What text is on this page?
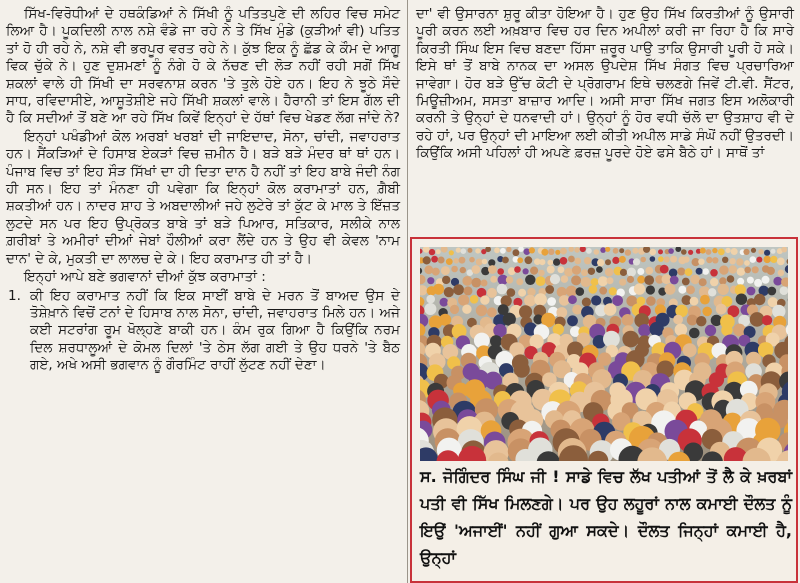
ਸਿੱਖ-ਵਿਰੋਧੀਆਂ ਦੇ ਹਥਕੰਡਿਆਂ ਨੇ ਸਿੱਖੀ ਨੂੰ ਪਤਿਤਪੁਣੇ ਦੀ ਲਹਿਰ ਵਿਚ ਸਮੇਟ ਲਿਆ ਹੈ। ਪੂਕਦਿਲੀ ਨਾਲ ਨਸ਼ੇ ਵੰਡੇ ਜਾ ਰਹੇ ਨੇ ਤੇ ਸਿੱਖ ਮੁੰਡੇ (ਕੁੜੀਆਂ ਵੀ) ਪਤਿਤ ਤਾਂ ਹੋ ਹੀ ਰਹੇ ਨੇ, ਨਸ਼ੇ ਵੀ ਭਰਪੂਰ ਵਰਤ ਰਹੇ ਨੇ। ਕੁੱਝ ਇਕ ਨੂੰ ਛੱਡ ਕੇ ਕੌਮ ਦੇ ਆਗੂ ਵਿਕ ਚੁੱਕੇ ਨੇ। ਹੁਣ ਦੁਸ਼ਮਣਾਂ ਨੂੰ ਨੰਗੇ ਹੋ ਕੇ ਨੱਚਣ ਦੀ ਲੋੜ ਨਹੀਂ ਰਹੀ ਸਗੋਂ ਸਿੱਖ ਸ਼ਕਲਾਂ ਵਾਲੇ ਹੀ ਸਿੱਖੀ ਦਾ ਸਰਵਨਾਸ਼ ਕਰਨ 'ਤੇ ਤੁਲੇ ਹੋਏ ਹਨ। ਇਹ ਨੇ ਝੂਠੇ ਸੌਦੇ ਸਾਧ, ਰਵਿਦਾਸੀਏ, ਆਸ਼ੂਤੋਸ਼ੀਏ ਜਹੇ ਸਿੱਖੀ ਸ਼ਕਲਾਂ ਵਾਲੇ। ਹੈਰਾਨੀ ਤਾਂ ਇਸ ਗੱਲ ਦੀ ਹੈ ਕਿ ਸਦੀਆਂ ਤੋਂ ਬਣੇ ਆ ਰਹੇ ਸਿੱਖ ਕਿਵੇਂ ਇਨ੍ਹਾਂ ਦੇ ਹੱਥਾਂ ਵਿਚ ਖੇਡਣ ਲੱਗ ਜਾਂਦੇ ਨੇ?

ਇਨ੍ਹਾਂ ਪਖੰਡੀਆਂ ਕੋਲ ਅਰਬਾਂ ਖਰਬਾਂ ਦੀ ਜਾਇਦਾਦ, ਸੋਨਾ, ਚਾਂਦੀ, ਜਵਾਹਰਾਤ ਹਨ। ਸੈਂਕੜਿਆਂ ਦੇ ਹਿਸਾਬ ਏਕੜਾਂ ਵਿਚ ਜ਼ਮੀਨ ਹੈ। ਬੜੇ ਬੜੇ ਮੰਦਰ ਥਾਂ ਥਾਂ ਹਨ। ਪੰਜਾਬ ਵਿਚ ਤਾਂ ਇਹ ਸੌੜ ਸਿੱਖਾਂ ਦਾ ਹੀ ਦਿਤਾ ਦਾਨ ਹੈ ਨਹੀਂ ਤਾਂ ਇਹ ਬਾਬੇ ਜੰਦੀ ਨੰਗ ਹੀ ਸਨ। ਇਹ ਤਾਂ ਮੰਨਣਾ ਹੀ ਪਵੇਗਾ ਕਿ ਇਨ੍ਹਾਂ ਕੋਲ ਕਰਾਮਾਤਾਂ ਹਨ, ਗ਼ੈਬੀ ਸ਼ਕਤੀਆਂ ਹਨ। ਨਾਦਰ ਸ਼ਾਹ ਤੇ ਅਬਦਾਲੀਆਂ ਜਹੇ ਲੁਟੇਰੇ ਤਾਂ ਕੁੱਟ ਕੇ ਮਾਲ ਤੇ ਇੱਜ਼ਤ ਲੁਟਦੇ ਸਨ ਪਰ ਇਹ ਉਪ੍ਰੋਕਤ ਬਾਬੇ ਤਾਂ ਬੜੇ ਪਿਆਰ, ਸਤਿਕਾਰ, ਸਲੀਕੇ ਨਾਲ ਗ਼ਰੀਬਾਂ ਤੇ ਅਮੀਰਾਂ ਦੀਆਂ ਜੇਬਾਂ ਹੌਲੀਆਂ ਕਰਾ ਲੈਂਦੇ ਹਨ ਤੇ ਉਹ ਵੀ ਕੇਵਲ 'ਨਾਮ ਦਾਨ' ਦੇ ਕੇ, ਮੁਕਤੀ ਦਾ ਲਾਲਚ ਦੇ ਕੇ। ਇਹ ਕਰਾਮਾਤ ਹੀ ਤਾਂ ਹੈ।

ਇਨ੍ਹਾਂ ਆਪੇ ਬਣੇ ਭਗਵਾਨਾਂ ਦੀਆਂ ਕੁੱਝ ਕਰਾਮਾਤਾਂ :

1. ਕੀ ਇਹ ਕਰਾਮਾਤ ਨਹੀਂ ਕਿ ਇਕ ਸਾਈਂ ਬਾਬੇ ਦੇ ਮਰਨ ਤੋਂ ਬਾਅਦ ਉਸ ਦੇ ਤੋਸ਼ੇਖ਼ਾਨੇ ਵਿਚੋਂ ਟਨਾਂ ਦੇ ਹਿਸਾਬ ਨਾਲ ਸੋਨਾ, ਚਾਂਦੀ, ਜਵਾਹਰਾਤ ਮਿਲੇ ਹਨ। ਅਜੇ ਕਈ ਸਟਰਾਂਗ ਰੂਮ ਖੋਲ੍ਹਣੇ ਬਾਕੀ ਹਨ। ਕੰਮ ਰੁਕ ਗਿਆ ਹੈ ਕਿਉਂਕਿ ਨਰਮ ਦਿਲ ਸ਼ਰਧਾਲੂਆਂ ਦੇ ਕੋਮਲ ਦਿਲਾਂ 'ਤੇ ਠੇਸ ਲੱਗ ਗਈ ਤੇ ਉਹ ਧਰਨੇ 'ਤੇ ਬੈਠ ਗਏ, ਅਖੇ ਅਸੀ ਭਗਵਾਨ ਨੂੰ ਗੌਰਮਿੰਟ ਰਾਹੀਂ ਲੁੱਟਣ ਨਹੀਂ ਦੇਣਾ।

ਦਾ' ਵੀ ਉਸਾਰਨਾ ਸ਼ੁਰੂ ਕੀਤਾ ਹੋਇਆ ਹੈ। ਹੁਣ ਉਹ ਸਿੱਖ ਕਿਰਤੀਆਂ ਨੂੰ ਉਸਾਰੀ ਪੂਰੀ ਕਰਨ ਲਈ ਅਖ਼ਬਾਰ ਵਿਚ ਹਰ ਦਿਨ ਅਪੀਲਾਂ ਕਰੀ ਜਾ ਰਿਹਾ ਹੈ ਕਿ ਸਾਰੇ ਕਿਰਤੀ ਸਿੰਘ ਇਸ ਵਿਚ ਬਣਦਾ ਹਿੱਸਾ ਜ਼ਰੂਰ ਪਾਉ ਤਾਕਿ ਉਸਾਰੀ ਪੂਰੀ ਹੋ ਸਕੇ। ਇਸੇ ਥਾਂ ਤੋਂ ਬਾਬੇ ਨਾਨਕ ਦਾ ਅਸਲ ਉਪਦੇਸ਼ ਸਿੱਖ ਸੰਗਤ ਵਿਚ ਪ੍ਰਚਾਰਿਆ ਜਾਵੇਗਾ। ਹੋਰ ਬੜੇ ਉੱਚ ਕੋਟੀ ਦੇ ਪ੍ਰੋਗਰਾਮ ਇਥੇ ਚਲਣਗੇ ਜਿਵੇਂ ਟੀ.ਵੀ. ਸੈਂਟਰ, ਮਿਊਜ਼ੀਅਮ, ਸਸਤਾ ਬਾਜ਼ਾਰ ਆਦਿ। ਅਸੀ ਸਾਰਾ ਸਿੱਖ ਜਗਤ ਇਸ ਅਲੋਕਾਰੀ ਕਰਨੀ ਤੇ ਉਨ੍ਹਾਂ ਦੇ ਧਨਵਾਦੀ ਹਾਂ। ਉਨ੍ਹਾਂ ਨੂੰ ਹੋਰ ਵਧੀ ਚੱਲੋ ਦਾ ਉਤਸ਼ਾਹ ਵੀ ਦੇ ਰਹੇ ਹਾਂ, ਪਰ ਉਨ੍ਹਾਂ ਦੀ ਮਾਇਆ ਲਈ ਕੀਤੀ ਅਪੀਲ ਸਾਡੇ ਸੰਘੋਂ ਨਹੀਂ ਉਤਰਦੀ। ਕਿਉਂਕਿ ਅਸੀ ਪਹਿਲਾਂ ਹੀ ਅਪਣੇ ਫ਼ਰਜ਼ ਪੂਰਦੇ ਹੋਏ ਫਸੇ ਬੈਠੇ ਹਾਂ। ਸਾਥੋਂ ਤਾਂ

ਸ. ਜੋਗਿੰਦਰ ਸਿੰਘ ਜੀ ! ਸਾਡੇ ਵਿਚ ਲੱਖ ਪਤੀਆਂ ਤੋਂ ਲੈ ਕੇ ਖ਼ਰਬਾਂ ਪਤੀ ਵੀ ਸਿੱਖ ਮਿਲਣਗੇ। ਪਰ ਉਹ ਲਹੂਰਾਂ ਨਾਲ ਕਮਾਈ ਦੌਲਤ ਨੂੰ ਇਉਂ 'ਅਜਾਈਂ' ਨਹੀਂ ਗੁਆ ਸਕਦੇ। ਦੌਲਤ ਜਿਨ੍ਹਾਂ ਕਮਾਈ ਹੈ, ਉਨ੍ਹਾਂ
